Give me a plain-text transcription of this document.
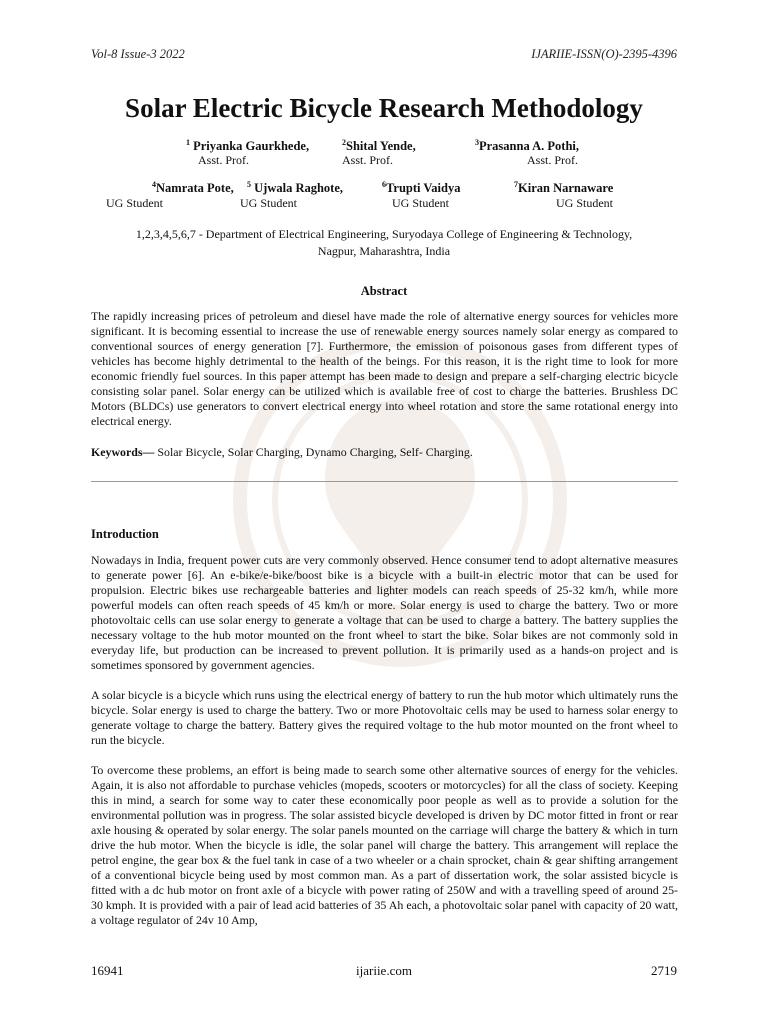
Vol-8 Issue-3 2022	IJARIIE-ISSN(O)-2395-4396
Solar Electric Bicycle Research Methodology
$^1$ Priyanka Gaurkhede,
Asst. Prof.
$^2$Shital Yende,
Asst. Prof.
$^3$Prasanna A. Pothi,
Asst. Prof.
$^4$Namrata Pote,
UG Student
$^5$ Ujwala Raghote,
UG Student
$^6$Trupti Vaidya
UG Student
$^7$Kiran Narnaware
UG Student
1,2,3,4,5,6,7 - Department of Electrical Engineering, Suryodaya College of Engineering & Technology,
Nagpur, Maharashtra, India
Abstract
The rapidly increasing prices of petroleum and diesel have made the role of alternative energy sources for vehicles more significant. It is becoming essential to increase the use of renewable energy sources namely solar energy as compared to conventional sources of energy generation [7]. Furthermore, the emission of poisonous gases from different types of vehicles has become highly detrimental to the health of the beings. For this reason, it is the right time to look for more economic friendly fuel sources. In this paper attempt has been made to design and prepare a self-charging electric bicycle consisting solar panel. Solar energy can be utilized which is available free of cost to charge the batteries. Brushless DC Motors (BLDCs) use generators to convert electrical energy into wheel rotation and store the same rotational energy into electrical energy.
Keywords— Solar Bicycle, Solar Charging, Dynamo Charging, Self- Charging.
Introduction
Nowadays in India, frequent power cuts are very commonly observed. Hence consumer tend to adopt alternative measures to generate power [6]. An e-bike/e-bike/boost bike is a bicycle with a built-in electric motor that can be used for propulsion. Electric bikes use rechargeable batteries and lighter models can reach speeds of 25-32 km/h, while more powerful models can often reach speeds of 45 km/h or more. Solar energy is used to charge the battery. Two or more photovoltaic cells can use solar energy to generate a voltage that can be used to charge a battery. The battery supplies the necessary voltage to the hub motor mounted on the front wheel to start the bike. Solar bikes are not commonly sold in everyday life, but production can be increased to prevent pollution. It is primarily used as a hands-on project and is sometimes sponsored by government agencies.
A solar bicycle is a bicycle which runs using the electrical energy of battery to run the hub motor which ultimately runs the bicycle. Solar energy is used to charge the battery. Two or more Photovoltaic cells may be used to harness solar energy to generate voltage to charge the battery. Battery gives the required voltage to the hub motor mounted on the front wheel to run the bicycle.
To overcome these problems, an effort is being made to search some other alternative sources of energy for the vehicles. Again, it is also not affordable to purchase vehicles (mopeds, scooters or motorcycles) for all the class of society. Keeping this in mind, a search for some way to cater these economically poor people as well as to provide a solution for the environmental pollution was in progress. The solar assisted bicycle developed is driven by DC motor fitted in front or rear axle housing & operated by solar energy. The solar panels mounted on the carriage will charge the battery & which in turn drive the hub motor. When the bicycle is idle, the solar panel will charge the battery. This arrangement will replace the petrol engine, the gear box & the fuel tank in case of a two wheeler or a chain sprocket, chain & gear shifting arrangement of a conventional bicycle being used by most common man. As a part of dissertation work, the solar assisted bicycle is fitted with a dc hub motor on front axle of a bicycle with power rating of 250W and with a travelling speed of around 25-30 kmph. It is provided with a pair of lead acid batteries of 35 Ah each, a photovoltaic solar panel with capacity of 20 watt, a voltage regulator of 24v 10 Amp,
16941	ijariie.com	2719
